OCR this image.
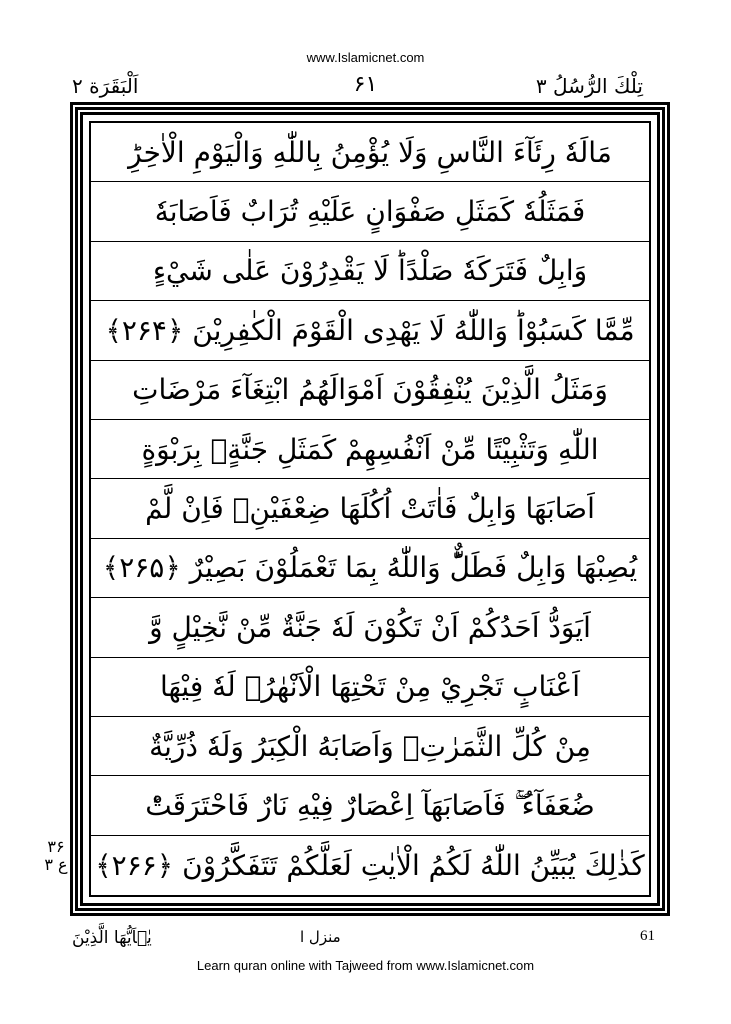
www.Islamicnet.com
تِلْكَ الرُّسُلُ ۳
۶۱
اَلْبَقَرَة ۲
مَالَهٗ رِئَآءَ النَّاسِ وَلَا يُؤْمِنُ بِاللّٰهِ وَالْيَوْمِ الْاٰخِرِؕ
فَمَثَلُهٗ كَمَثَلِ صَفْوَانٍ عَلَيْهِ تُرَابٌ فَاَصَابَهٗ
وَابِلٌ فَتَرَكَهٗ صَلْدًاؕ لَا يَقْدِرُوْنَ عَلٰى شَيْءٍ
مِّمَّا كَسَبُوْاؕ وَاللّٰهُ لَا يَهْدِى الْقَوْمَ الْكٰفِرِيْنَ ﴿۲۶۴﴾
وَمَثَلُ الَّذِيْنَ يُنْفِقُوْنَ اَمْوَالَهُمُ ابْتِغَآءَ مَرْضَاتِ
اللّٰهِ وَتَثْبِيْتًا مِّنْ اَنْفُسِهِمْ كَمَثَلِ جَنَّةٍۢ بِرَبْوَةٍ
اَصَابَهَا وَابِلٌ فَاٰتَتْ اُكُلَهَا ضِعْفَيْنِۚ فَاِنْ لَّمْ
يُصِبْهَا وَابِلٌ فَطَلٌّؕ وَاللّٰهُ بِمَا تَعْمَلُوْنَ بَصِيْرٌ ﴿۲۶۵﴾
اَيَوَدُّ اَحَدُكُمْ اَنْ تَكُوْنَ لَهٗ جَنَّةٌ مِّنْ نَّخِيْلٍ وَّ
اَعْنَابٍ تَجْرِيْ مِنْ تَحْتِهَا الْاَنْهٰرُۙ لَهٗ فِيْهَا
مِنْ كُلِّ الثَّمَرٰتِۙ وَاَصَابَهُ الْكِبَرُ وَلَهٗ ذُرِّيَّةٌ
ضُعَفَآءُ ۖۚ فَاَصَابَهَآ اِعْصَارٌ فِيْهِ نَارٌ فَاحْتَرَقَتْؕ
كَذٰلِكَ يُبَيِّنُ اللّٰهُ لَكُمُ الْاٰيٰتِ لَعَلَّكُمْ تَتَفَكَّرُوْنَ ﴿۲۶۶﴾
۳۶ ع ۳
يٰۤاَيُّهَا الَّذِيْنَ	منزل ا	61
Learn quran online with Tajweed from www.Islamicnet.com
